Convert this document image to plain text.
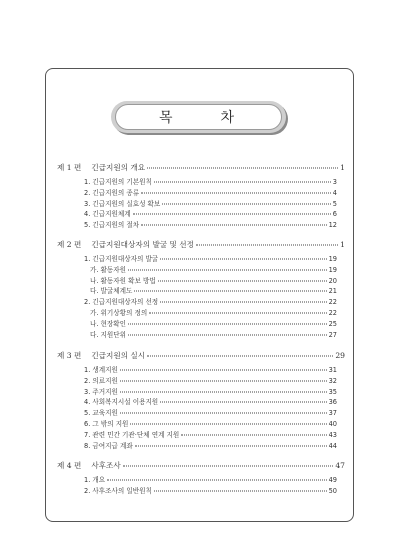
목	차
제 1 편 긴급지원의 개요	1
1. 긴급지원의 기본원칙	3
2. 긴급지원의 종류	4
3. 긴급지원의 실효성 확보	5
4. 긴급지원체계	6
5. 긴급지원의 절차	12
제 2 편 긴급지원대상자의 발굴 및 선정	1
1. 긴급지원대상자의 발굴	19
가. 활동자원	19
나. 활동자원 확보 방법	20
다. 발굴체계도	21
2. 긴급지원대상자의 선정	22
가. 위기상황의 정의	22
나. 현장확인	25
다. 지원단위	27
제 3 편 긴급지원의 실시	29
1. 생계지원	31
2. 의료지원	32
3. 주거지원	35
4. 사회복지시설 이용지원	36
5. 교육지원	37
6. 그 밖의 지원	40
7. 관련 민간 기관·단체 연계 지원	43
8. 금여지급 계좌	44
제 4 편 사후조사	47
1. 개요	49
2. 사후조사의 일반원칙	50
